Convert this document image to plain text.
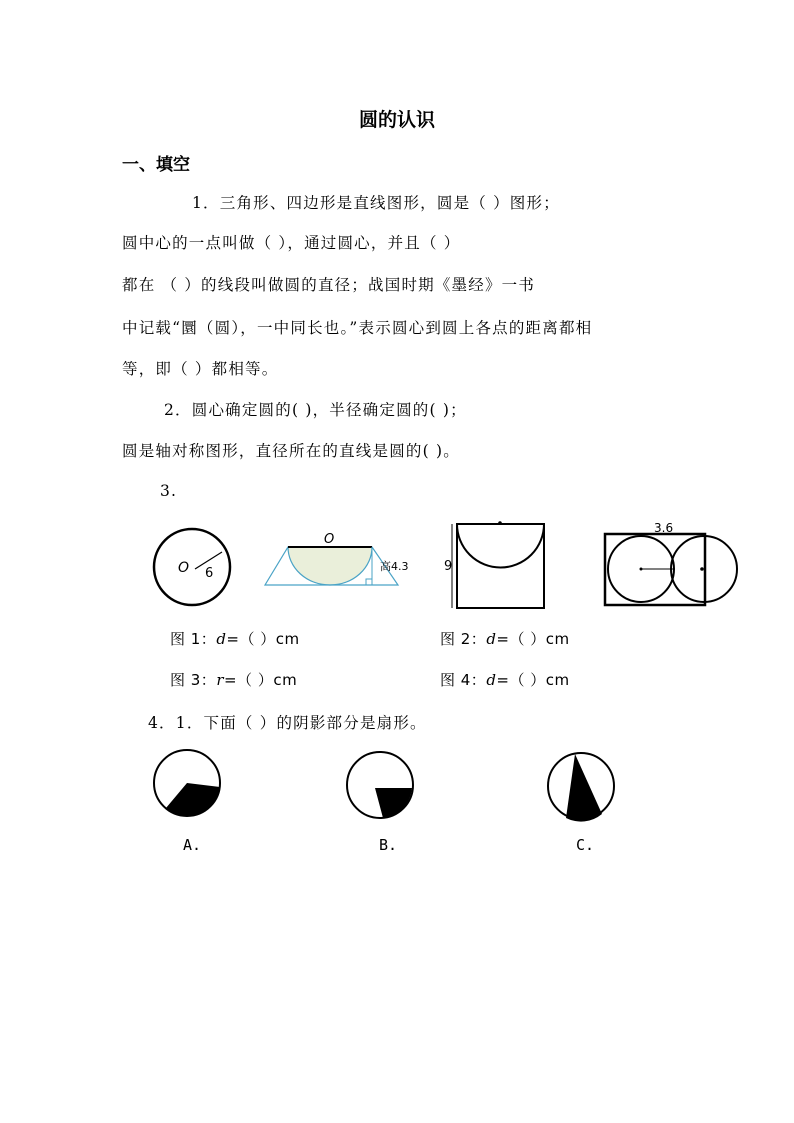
圆的认识
一、填空
1．三角形、四边形是直线图形，圆是（ ）图形；
圆中心的一点叫做（ ），通过圆心，并且（ ）
都在 （ ）的线段叫做圆的直径；战国时期《墨经》一书
中记载“圜（圆），一中同长也。”表示圆心到圆上各点的距离都相
等，即（ ）都相等。
2．圆心确定圆的( )，半径确定圆的( )；
圆是轴对称图形，直径所在的直线是圆的( )。
3.
O 6
O
高4.3	9
3.6
图 1：d=（ ）cm	图 2：d=（ ）cm
图 3：r=（ ）cm	图 4：d=（ ）cm
4．1．下面（ ）的阴影部分是扇形。
A.	B.	C.
